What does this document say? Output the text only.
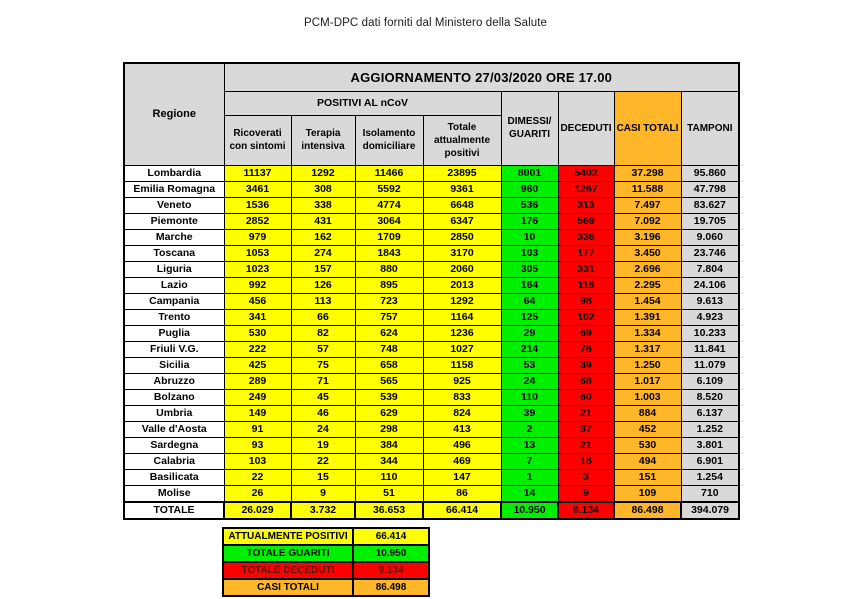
PCM-DPC dati forniti dal Ministero della Salute
Regione	AGGIORNAMENTO 27/03/2020 ORE 17.00							
	POSITIVI AL nCoV				DIMESSI/ GUARITI	DECEDUTI	CASI TOTALI	TAMPONI
	Ricoverati con sintomi	Terapia intensiva	Isolamento domiciliare	Totale attualmente positivi				
Lombardia	11137	1292	11466	23895	8001	5402	37.298	95.860
Emilia Romagna	3461	308	5592	9361	960	1267	11.588	47.798
Veneto	1536	338	4774	6648	536	313	7.497	83.627
Piemonte	2852	431	3064	6347	176	569	7.092	19.705
Marche	979	162	1709	2850	10	336	3.196	9.060
Toscana	1053	274	1843	3170	103	177	3.450	23.746
Liguria	1023	157	880	2060	305	331	2.696	7.804
Lazio	992	126	895	2013	164	118	2.295	24.106
Campania	456	113	723	1292	64	98	1.454	9.613
Trento	341	66	757	1164	125	102	1.391	4.923
Puglia	530	82	624	1236	29	69	1.334	10.233
Friuli V.G.	222	57	748	1027	214	76	1.317	11.841
Sicilia	425	75	658	1158	53	39	1.250	11.079
Abruzzo	289	71	565	925	24	68	1.017	6.109
Bolzano	249	45	539	833	110	60	1.003	8.520
Umbria	149	46	629	824	39	21	884	6.137
Valle d'Aosta	91	24	298	413	2	37	452	1.252
Sardegna	93	19	384	496	13	21	530	3.801
Calabria	103	22	344	469	7	18	494	6.901
Basilicata	22	15	110	147	1	3	151	1.254
Molise	26	9	51	86	14	9	109	710
TOTALE	26.029	3.732	36.653	66.414	10.950	9.134	86.498	394.079
ATTUALMENTE POSITIVI	66.414
TOTALE GUARITI	10.950
TOTALE DECEDUTI	9.134
CASI TOTALI	86.498
